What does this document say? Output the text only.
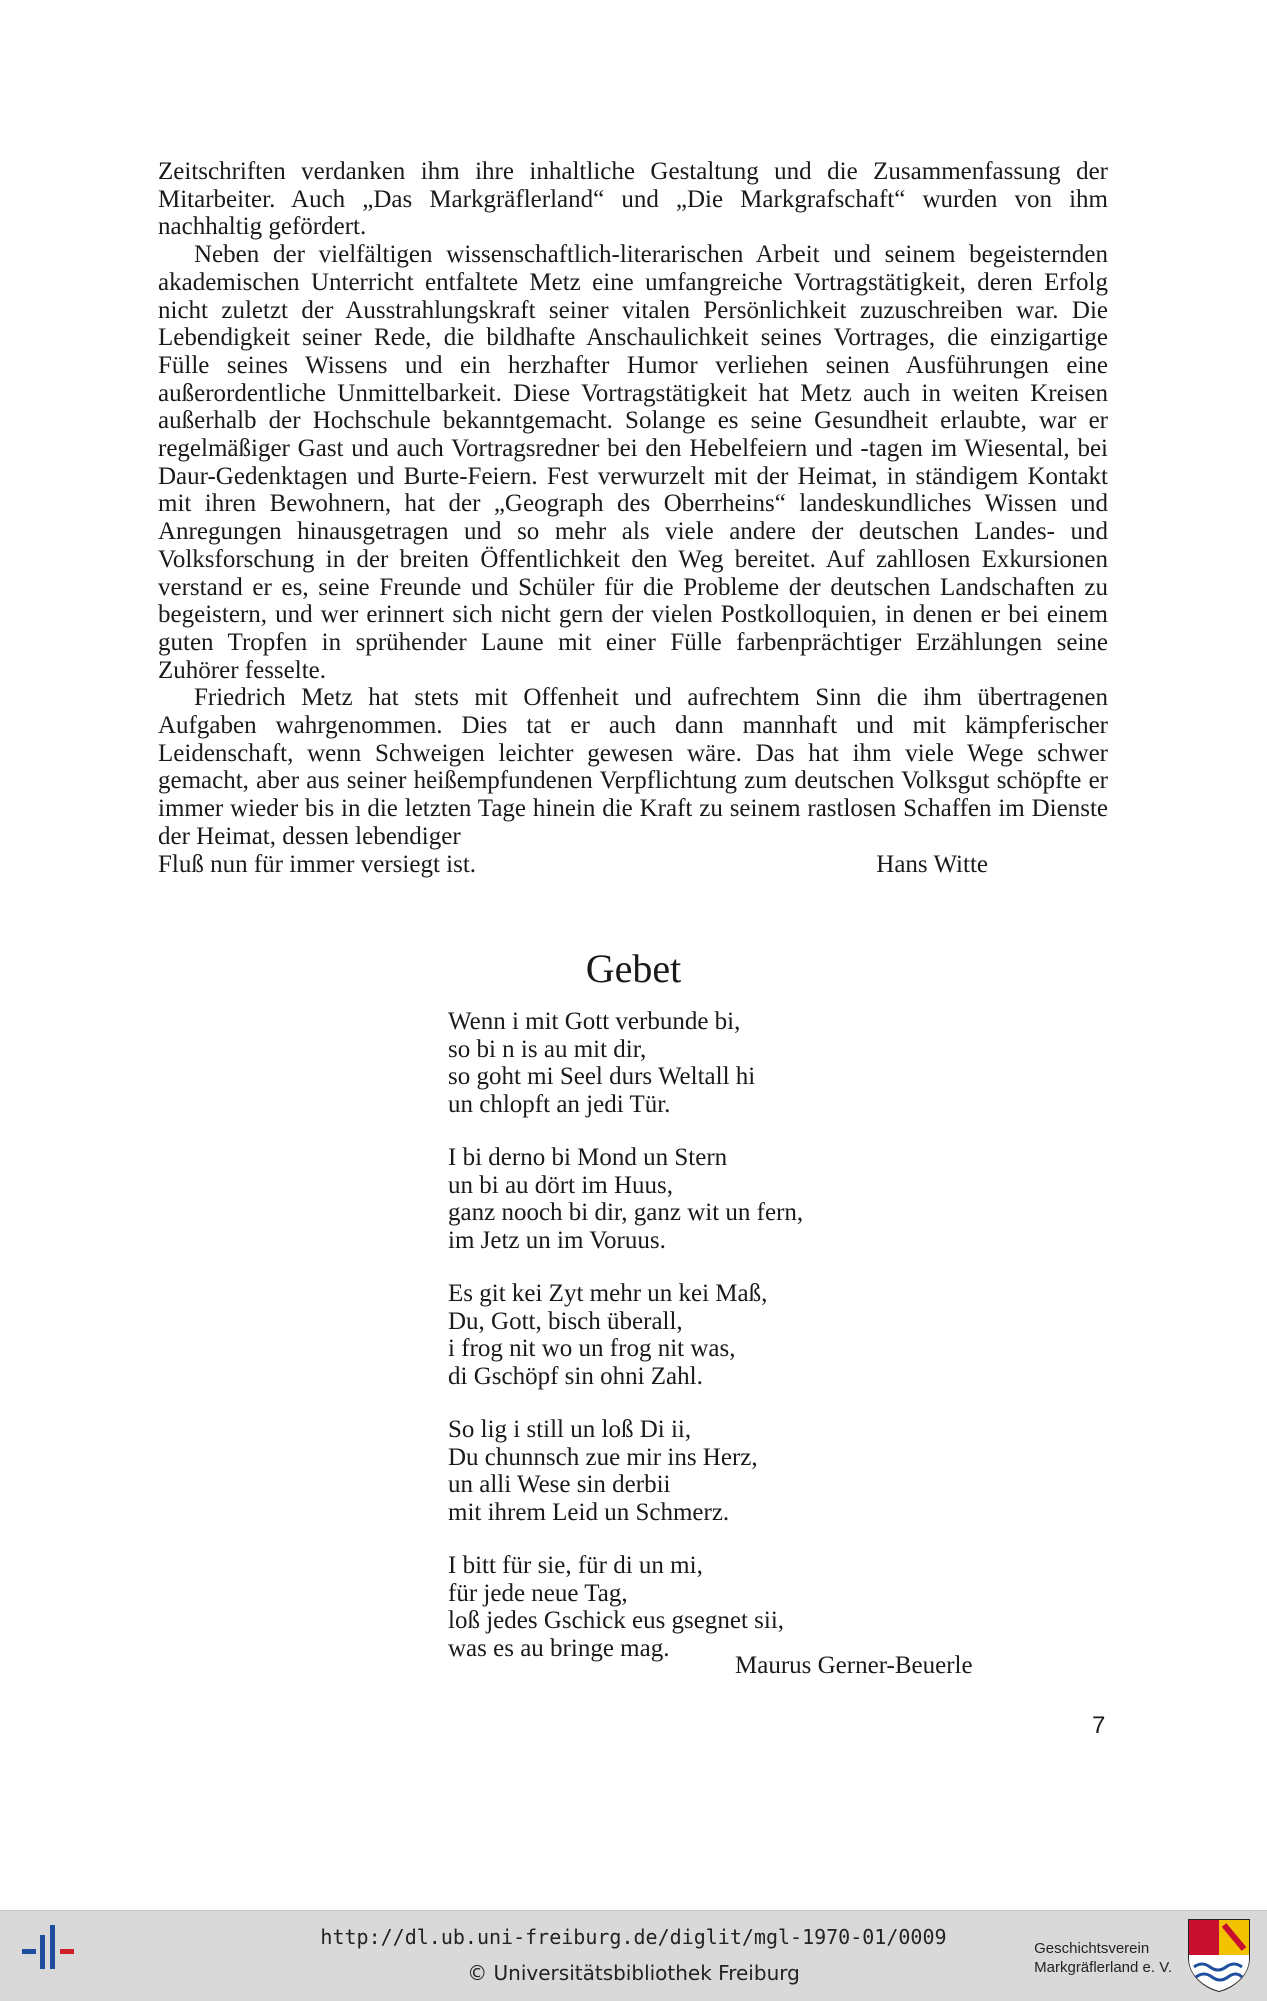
Zeitschriften verdanken ihm ihre inhaltliche Gestaltung und die Zusammenfassung der Mitarbeiter. Auch „Das Markgräflerland“ und „Die Markgrafschaft“ wurden von ihm nachhaltig gefördert.

Neben der vielfältigen wissenschaftlich-literarischen Arbeit und seinem begeisternden akademischen Unterricht entfaltete Metz eine umfangreiche Vortragstätigkeit, deren Erfolg nicht zuletzt der Ausstrahlungskraft seiner vitalen Persönlichkeit zuzuschreiben war. Die Lebendigkeit seiner Rede, die bildhafte Anschaulichkeit seines Vortrages, die einzigartige Fülle seines Wissens und ein herzhafter Humor verliehen seinen Ausführungen eine außerordentliche Unmittelbarkeit. Diese Vortragstätigkeit hat Metz auch in weiten Kreisen außerhalb der Hochschule bekanntgemacht. Solange es seine Gesundheit erlaubte, war er regelmäßiger Gast und auch Vortragsredner bei den Hebelfeiern und -tagen im Wiesental, bei Daur-Gedenktagen und Burte-Feiern. Fest verwurzelt mit der Heimat, in ständigem Kontakt mit ihren Bewohnern, hat der „Geograph des Oberrheins“ landeskundliches Wissen und Anregungen hinausgetragen und so mehr als viele andere der deutschen Landes- und Volksforschung in der breiten Öffentlichkeit den Weg bereitet. Auf zahllosen Exkursionen verstand er es, seine Freunde und Schüler für die Probleme der deutschen Landschaften zu begeistern, und wer erinnert sich nicht gern der vielen Postkolloquien, in denen er bei einem guten Tropfen in sprühender Laune mit einer Fülle farbenprächtiger Erzählungen seine Zuhörer fesselte.

Friedrich Metz hat stets mit Offenheit und aufrechtem Sinn die ihm übertragenen Aufgaben wahrgenommen. Dies tat er auch dann mannhaft und mit kämpferischer Leidenschaft, wenn Schweigen leichter gewesen wäre. Das hat ihm viele Wege schwer gemacht, aber aus seiner heißempfundenen Verpflichtung zum deutschen Volksgut schöpfte er immer wieder bis in die letzten Tage hinein die Kraft zu seinem rastlosen Schaffen im Dienste der Heimat, dessen lebendiger

Fluß nun für immer versiegt ist.	Hans Witte
Gebet
Wenn i mit Gott verbunde bi,
so bi n is au mit dir,
so goht mi Seel durs Weltall hi
un chlopft an jedi Tür.
I bi derno bi Mond un Stern
un bi au dört im Huus,
ganz nooch bi dir, ganz wit un fern,
im Jetz un im Voruus.
Es git kei Zyt mehr un kei Maß,
Du, Gott, bisch überall,
i frog nit wo un frog nit was,
di Gschöpf sin ohni Zahl.
So lig i still un loß Di ii,
Du chunnsch zue mir ins Herz,
un alli Wese sin derbii
mit ihrem Leid un Schmerz.
I bitt für sie, für di un mi,
für jede neue Tag,
loß jedes Gschick eus gsegnet sii,
was es au bringe mag.
Maurus Gerner-Beuerle
7
http://dl.ub.uni-freiburg.de/diglit/mgl-1970-01/0009
© Universitätsbibliothek Freiburg
Geschichtsverein
Markgräflerland e. V.
